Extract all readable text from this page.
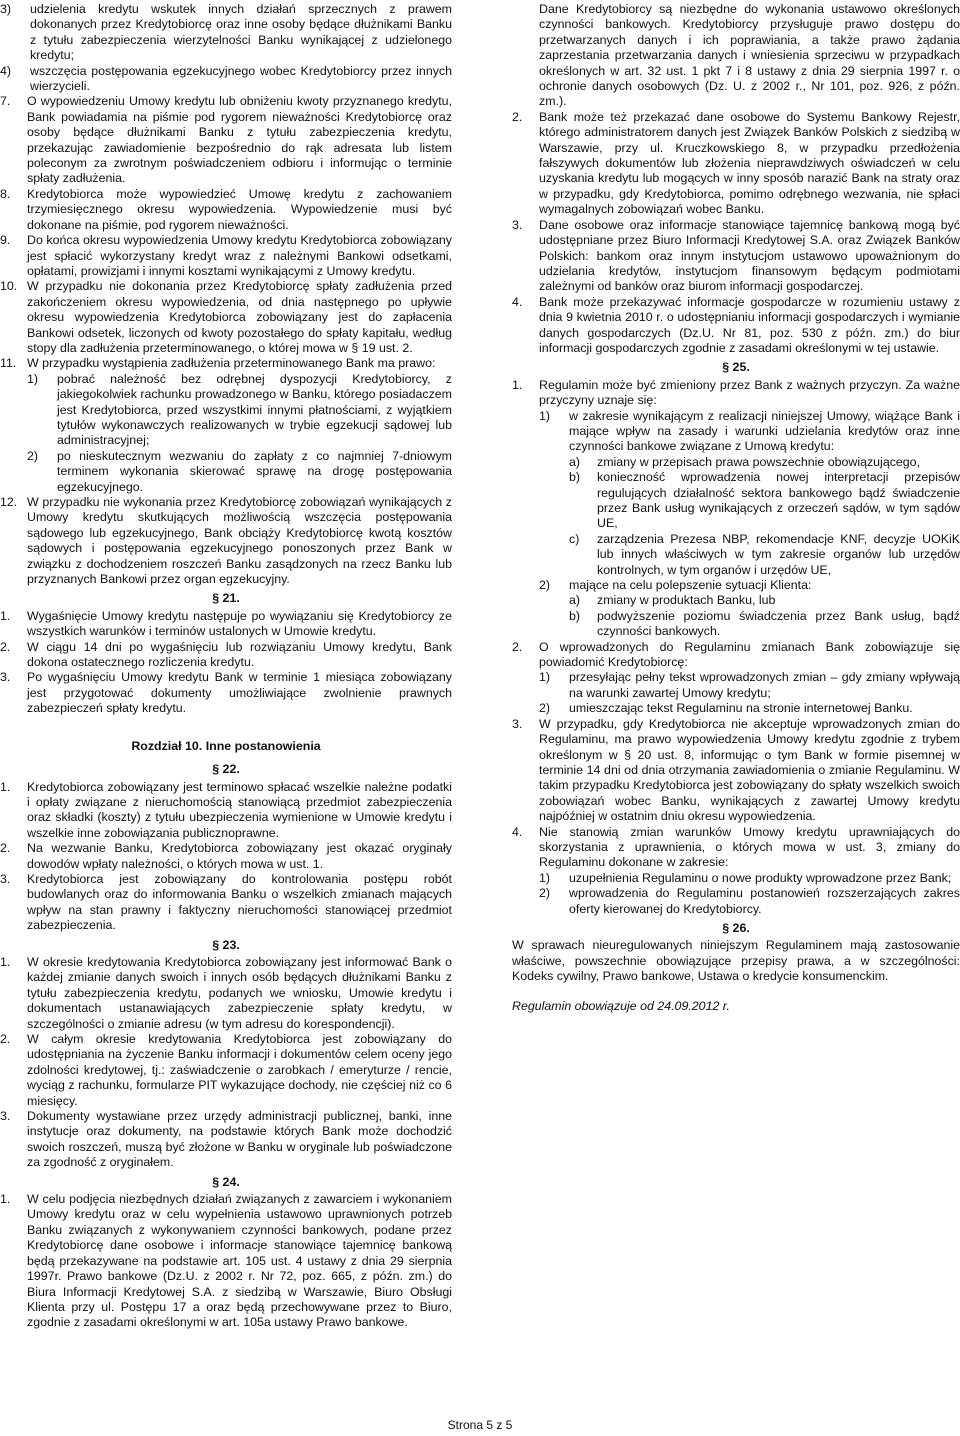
3) udzielenia kredytu wskutek innych działań sprzecznych z prawem dokonanych przez Kredytobiorcę oraz inne osoby będące dłużnikami Banku z tytułu zabezpieczenia wierzytelności Banku wynikającej z udzielonego kredytu;
4) wszczęcia postępowania egzekucyjnego wobec Kredytobiorcy przez innych wierzycieli.
7. O wypowiedzeniu Umowy kredytu lub obniżeniu kwoty przyznanego kredytu, Bank powiadamia na piśmie pod rygorem nieważności Kredytobiorcę oraz osoby będące dłużnikami Banku z tytułu zabezpieczenia kredytu, przekazując zawiadomienie bezpośrednio do rąk adresata lub listem poleconym za zwrotnym poświadczeniem odbioru i informując o terminie spłaty zadłużenia.
8. Kredytobiorca może wypowiedzieć Umowę kredytu z zachowaniem trzymiesięcznego okresu wypowiedzenia. Wypowiedzenie musi być dokonane na piśmie, pod rygorem nieważności.
9. Do końca okresu wypowiedzenia Umowy kredytu Kredytobiorca zobowiązany jest spłacić wykorzystany kredyt wraz z należnymi Bankowi odsetkami, opłatami, prowizjami i innymi kosztami wynikającymi z Umowy kredytu.
10. W przypadku nie dokonania przez Kredytobiorcę spłaty zadłużenia przed zakończeniem okresu wypowiedzenia, od dnia następnego po upływie okresu wypowiedzenia Kredytobiorca zobowiązany jest do zapłacenia Bankowi odsetek, liczonych od kwoty pozostałego do spłaty kapitału, według stopy dla zadłużenia przeterminowanego, o której mowa w § 19 ust. 2.
11. W przypadku wystąpienia zadłużenia przeterminowanego Bank ma prawo:
1) pobrać należność bez odrębnej dyspozycji Kredytobiorcy, z jakiegokolwiek rachunku prowadzonego w Banku, którego posiadaczem jest Kredytobiorca, przed wszystkimi innymi płatnościami, z wyjątkiem tytułów wykonawczych realizowanych w trybie egzekucji sądowej lub administracyjnej;
2) po nieskutecznym wezwaniu do zapłaty z co najmniej 7-dniowym terminem wykonania skierować sprawę na drogę postępowania egzekucyjnego.
12. W przypadku nie wykonania przez Kredytobiorcę zobowiązań wynikających z Umowy kredytu skutkujących możliwością wszczęcia postępowania sądowego lub egzekucyjnego, Bank obciąży Kredytobiorcę kwotą kosztów sądowych i postępowania egzekucyjnego ponoszonych przez Bank w związku z dochodzeniem roszczeń Banku zasądzonych na rzecz Banku lub przyznanych Bankowi przez organ egzekucyjny.
§ 21.
1. Wygaśnięcie Umowy kredytu następuje po wywiązaniu się Kredytobiorcy ze wszystkich warunków i terminów ustalonych w Umowie kredytu.
2. W ciągu 14 dni po wygaśnięciu lub rozwiązaniu Umowy kredytu, Bank dokona ostatecznego rozliczenia kredytu.
3. Po wygaśnięciu Umowy kredytu Bank w terminie 1 miesiąca zobowiązany jest przygotować dokumenty umożliwiające zwolnienie prawnych zabezpieczeń spłaty kredytu.
Rozdział 10. Inne postanowienia
§ 22.
1. Kredytobiorca zobowiązany jest terminowo spłacać wszelkie należne podatki i opłaty związane z nieruchomością stanowiącą przedmiot zabezpieczenia oraz składki (koszty) z tytułu ubezpieczenia wymienione w Umowie kredytu i wszelkie inne zobowiązania publicznoprawne.
2. Na wezwanie Banku, Kredytobiorca zobowiązany jest okazać oryginały dowodów wpłaty należności, o których mowa w ust. 1.
3. Kredytobiorca jest zobowiązany do kontrolowania postępu robót budowlanych oraz do informowania Banku o wszelkich zmianach mających wpływ na stan prawny i faktyczny nieruchomości stanowiącej przedmiot zabezpieczenia.
§ 23.
1. W okresie kredytowania Kredytobiorca zobowiązany jest informować Bank o każdej zmianie danych swoich i innych osób będących dłużnikami Banku z tytułu zabezpieczenia kredytu, podanych we wniosku, Umowie kredytu i dokumentach ustanawiających zabezpieczenie spłaty kredytu, w szczególności o zmianie adresu (w tym adresu do korespondencji).
2. W całym okresie kredytowania Kredytobiorca jest zobowiązany do udostępniania na życzenie Banku informacji i dokumentów celem oceny jego zdolności kredytowej, tj.: zaświadczenie o zarobkach / emeryturze / rencie, wyciąg z rachunku, formularze PIT wykazujące dochody, nie częściej niż co 6 miesięcy.
3. Dokumenty wystawiane przez urzędy administracji publicznej, banki, inne instytucje oraz dokumenty, na podstawie których Bank może dochodzić swoich roszczeń, muszą być złożone w Banku w oryginale lub poświadczone za zgodność z oryginałem.
§ 24.
1. W celu podjęcia niezbędnych działań związanych z zawarciem i wykonaniem Umowy kredytu oraz w celu wypełnienia ustawowo uprawnionych potrzeb Banku związanych z wykonywaniem czynności bankowych, podane przez Kredytobiorcę dane osobowe i informacje stanowiące tajemnicę bankową będą przekazywane na podstawie art. 105 ust. 4 ustawy z dnia 29 sierpnia 1997r. Prawo bankowe (Dz.U. z 2002 r. Nr 72, poz. 665, z późn. zm.) do Biura Informacji Kredytowej S.A. z siedzibą w Warszawie, Biuro Obsługi Klienta przy ul. Postępu 17 a oraz będą przechowywane przez to Biuro, zgodnie z zasadami określonymi w art. 105a ustawy Prawo bankowe.
Dane Kredytobiorcy są niezbędne do wykonania ustawowo określonych czynności bankowych. Kredytobiorcy przysługuje prawo dostępu do przetwarzanych danych i ich poprawiania, a także prawo żądania zaprzestania przetwarzania danych i wniesienia sprzeciwu w przypadkach określonych w art. 32 ust. 1 pkt 7 i 8 ustawy z dnia 29 sierpnia 1997 r. o ochronie danych osobowych (Dz. U. z 2002 r., Nr 101, poz. 926, z późn. zm.).
2. Bank może też przekazać dane osobowe do Systemu Bankowy Rejestr, którego administratorem danych jest Związek Banków Polskich z siedzibą w Warszawie, przy ul. Kruczkowskiego 8, w przypadku przedłożenia fałszywych dokumentów lub złożenia nieprawdziwych oświadczeń w celu uzyskania kredytu lub mogących w inny sposób narazić Bank na straty oraz w przypadku, gdy Kredytobiorca, pomimo odrębnego wezwania, nie spłaci wymagalnych zobowiązań wobec Banku.
3. Dane osobowe oraz informacje stanowiące tajemnicę bankową mogą być udostępniane przez Biuro Informacji Kredytowej S.A. oraz Związek Banków Polskich: bankom oraz innym instytucjom ustawowo upoważnionym do udzielania kredytów, instytucjom finansowym będącym podmiotami zależnymi od banków oraz biurom informacji gospodarczej.
4. Bank może przekazywać informacje gospodarcze w rozumieniu ustawy z dnia 9 kwietnia 2010 r. o udostępnianiu informacji gospodarczych i wymianie danych gospodarczych (Dz.U. Nr 81, poz. 530 z późn. zm.) do biur informacji gospodarczych zgodnie z zasadami określonymi w tej ustawie.
§ 25.
1. Regulamin może być zmieniony przez Bank z ważnych przyczyn. Za ważne przyczyny uznaje się:
1) w zakresie wynikającym z realizacji niniejszej Umowy, wiążące Bank i mające wpływ na zasady i warunki udzielania kredytów oraz inne czynności bankowe związane z Umową kredytu:
a) zmiany w przepisach prawa powszechnie obowiązującego,
b) konieczność wprowadzenia nowej interpretacji przepisów regulujących działalność sektora bankowego bądź świadczenie przez Bank usług wynikających z orzeczeń sądów, w tym sądów UE,
c) zarządzenia Prezesa NBP, rekomendacje KNF, decyzje UOKiK lub innych właściwych w tym zakresie organów lub urzędów kontrolnych, w tym organów i urzędów UE,
2) mające na celu polepszenie sytuacji Klienta:
a) zmiany w produktach Banku, lub
b) podwyższenie poziomu świadczenia przez Bank usług, bądź czynności bankowych.
2. O wprowadzonych do Regulaminu zmianach Bank zobowiązuje się powiadomić Kredytobiorcę:
1) przesyłając pełny tekst wprowadzonych zmian – gdy zmiany wpływają na warunki zawartej Umowy kredytu;
2) umieszczając tekst Regulaminu na stronie internetowej Banku.
3. W przypadku, gdy Kredytobiorca nie akceptuje wprowadzonych zmian do Regulaminu, ma prawo wypowiedzenia Umowy kredytu zgodnie z trybem określonym w § 20 ust. 8, informując o tym Bank w formie pisemnej w terminie 14 dni od dnia otrzymania zawiadomienia o zmianie Regulaminu. W takim przypadku Kredytobiorca jest zobowiązany do spłaty wszelkich swoich zobowiązań wobec Banku, wynikających z zawartej Umowy kredytu najpóźniej w ostatnim dniu okresu wypowiedzenia.
4. Nie stanowią zmian warunków Umowy kredytu uprawniających do skorzystania z uprawnienia, o których mowa w ust. 3, zmiany do Regulaminu dokonane w zakresie:
1) uzupełnienia Regulaminu o nowe produkty wprowadzone przez Bank;
2) wprowadzenia do Regulaminu postanowień rozszerzających zakres oferty kierowanej do Kredytobiorcy.
§ 26.
W sprawach nieuregulowanych niniejszym Regulaminem mają zastosowanie właściwe, powszechnie obowiązujące przepisy prawa, a w szczególności: Kodeks cywilny, Prawo bankowe, Ustawa o kredycie konsumenckim.
Regulamin obowiązuje od 24.09.2012 r.
Strona 5 z 5
